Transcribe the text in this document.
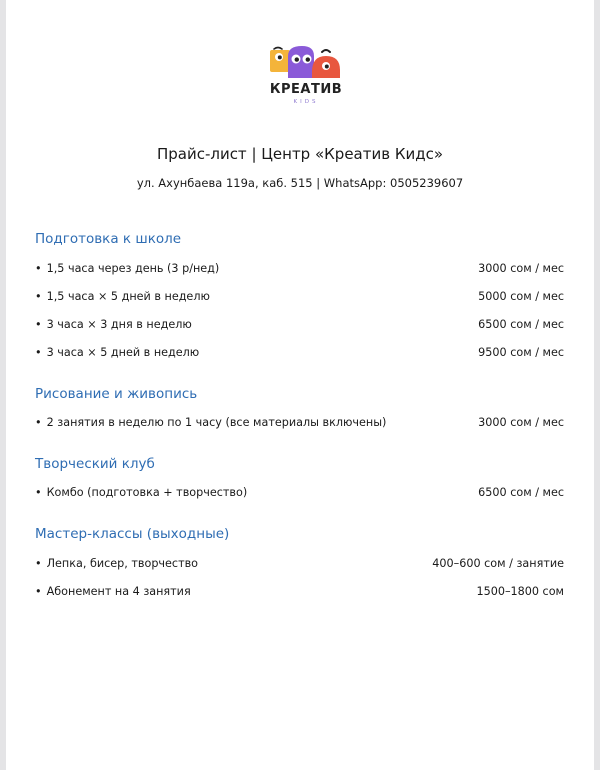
КРЕАТИВ
KIDS
Прайс-лист | Центр «Креатив Кидс»
ул. Ахунбаева 119а, каб. 515 | WhatsApp: 0505239607
Подготовка к школе
• 1,5 часа через день (3 р/нед)	3000 сом / мес
• 1,5 часа × 5 дней в неделю	5000 сом / мес
• 3 часа × 3 дня в неделю	6500 сом / мес
• 3 часа × 5 дней в неделю	9500 сом / мес
Рисование и живопись
• 2 занятия в неделю по 1 часу (все материалы включены)	3000 сом / мес
Творческий клуб
• Комбо (подготовка + творчество)	6500 сом / мес
Мастер-классы (выходные)
• Лепка, бисер, творчество	400–600 сом / занятие
• Абонемент на 4 занятия	1500–1800 сом
